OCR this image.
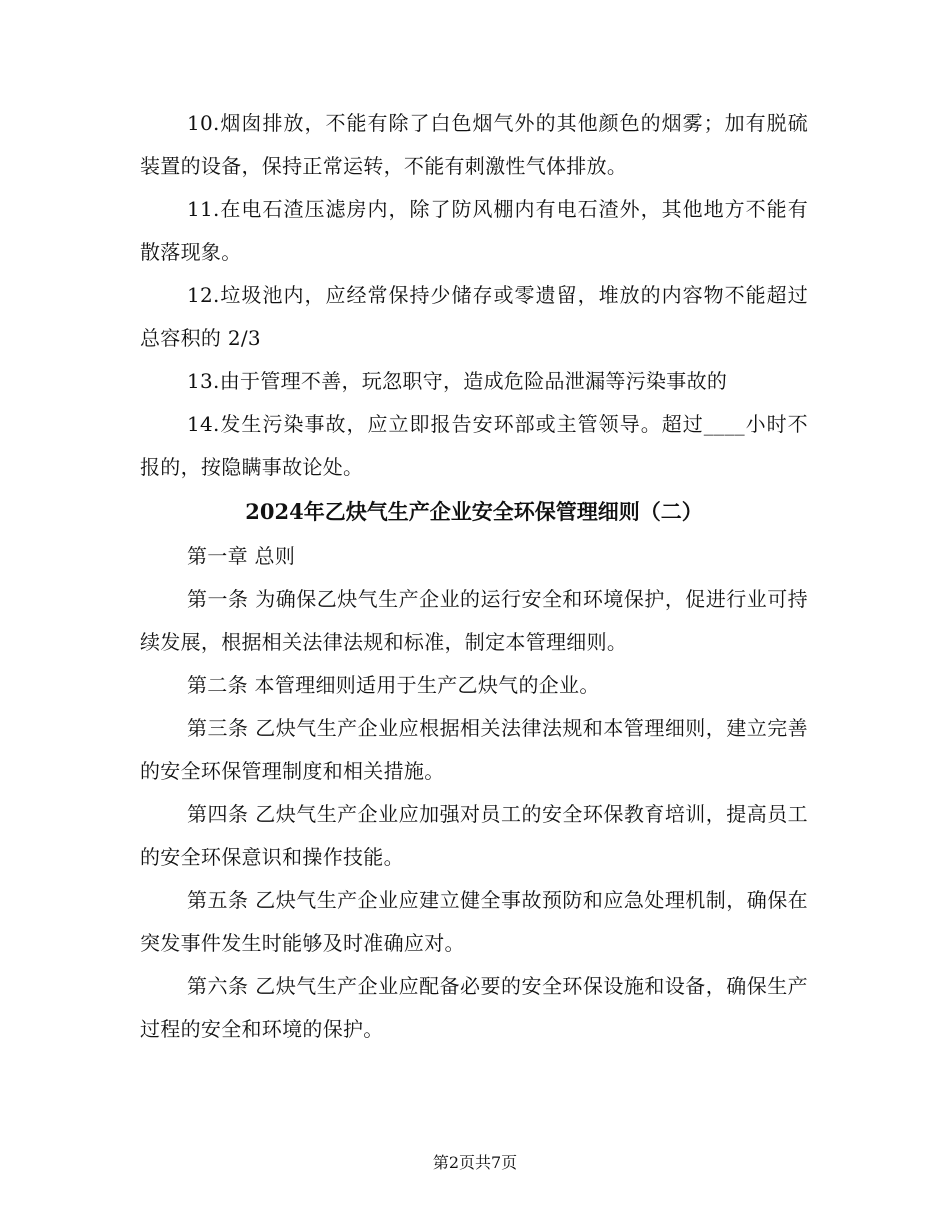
10.烟囱排放，不能有除了白色烟气外的其他颜色的烟雾；加有脱硫装置的设备，保持正常运转，不能有刺激性气体排放。

11.在电石渣压滤房内，除了防风棚内有电石渣外，其他地方不能有散落现象。

12.垃圾池内，应经常保持少储存或零遗留，堆放的内容物不能超过总容积的 2/3

13.由于管理不善，玩忽职守，造成危险品泄漏等污染事故的

14.发生污染事故，应立即报告安环部或主管领导。超过____小时不报的，按隐瞒事故论处。

2024年乙炔气生产企业安全环保管理细则（二）

第一章 总则

第一条 为确保乙炔气生产企业的运行安全和环境保护，促进行业可持续发展，根据相关法律法规和标准，制定本管理细则。

第二条 本管理细则适用于生产乙炔气的企业。

第三条 乙炔气生产企业应根据相关法律法规和本管理细则，建立完善的安全环保管理制度和相关措施。

第四条 乙炔气生产企业应加强对员工的安全环保教育培训，提高员工的安全环保意识和操作技能。

第五条 乙炔气生产企业应建立健全事故预防和应急处理机制，确保在突发事件发生时能够及时准确应对。

第六条 乙炔气生产企业应配备必要的安全环保设施和设备，确保生产过程的安全和环境的保护。

第2页共7页
